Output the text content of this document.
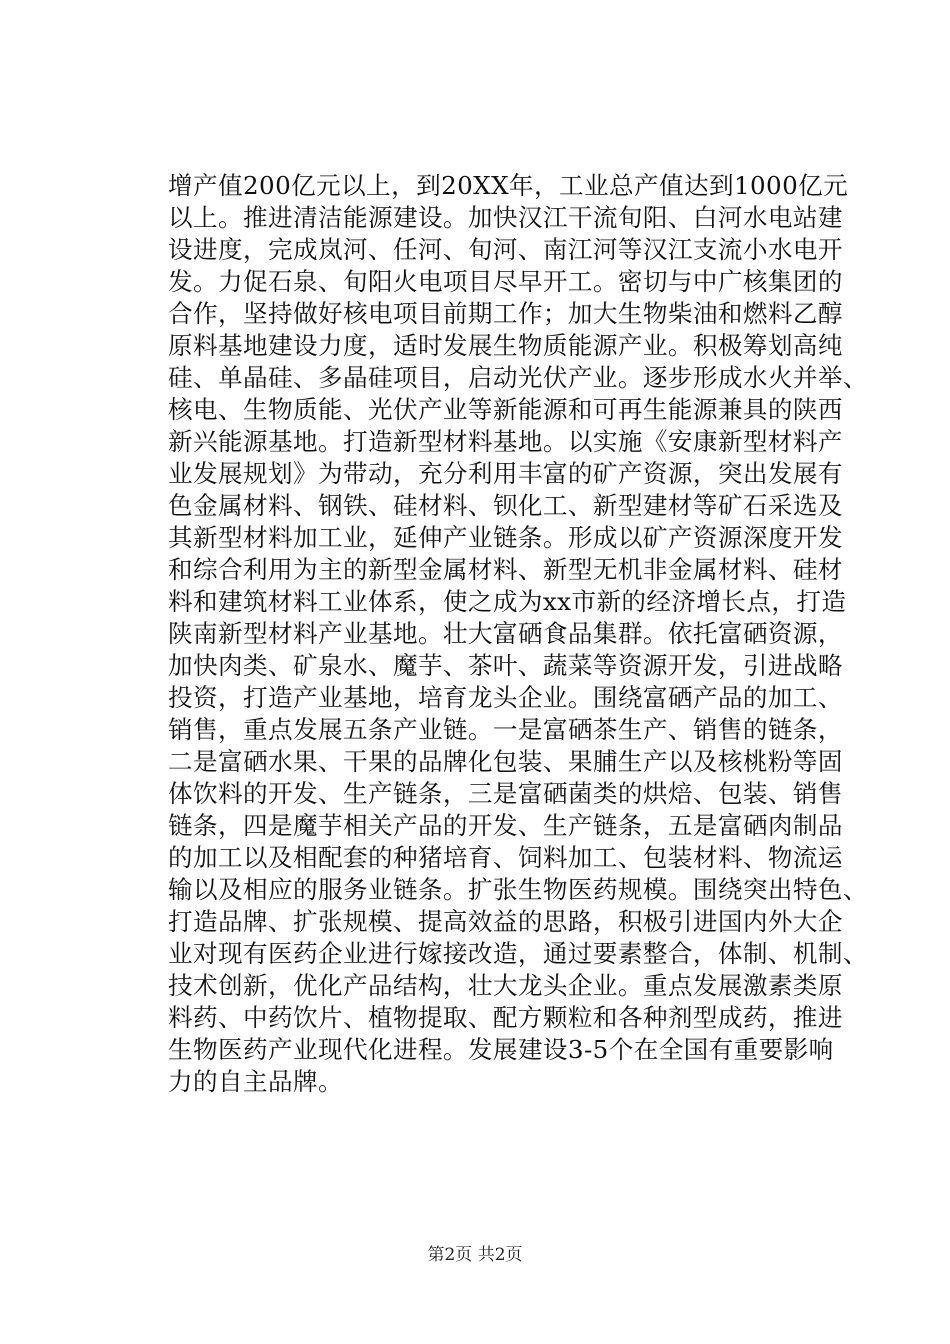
增产值200亿元以上，到20XX年，工业总产值达到1000亿元
以上。推进清洁能源建设。加快汉江干流旬阳、白河水电站建
设进度，完成岚河、任河、旬河、南江河等汉江支流小水电开
发。力促石泉、旬阳火电项目尽早开工。密切与中广核集团的
合作，坚持做好核电项目前期工作；加大生物柴油和燃料乙醇
原料基地建设力度，适时发展生物质能源产业。积极筹划高纯
硅、单晶硅、多晶硅项目，启动光伏产业。逐步形成水火并举、
核电、生物质能、光伏产业等新能源和可再生能源兼具的陕西
新兴能源基地。打造新型材料基地。以实施《安康新型材料产
业发展规划》为带动，充分利用丰富的矿产资源，突出发展有
色金属材料、钢铁、硅材料、钡化工、新型建材等矿石采选及
其新型材料加工业，延伸产业链条。形成以矿产资源深度开发
和综合利用为主的新型金属材料、新型无机非金属材料、硅材
料和建筑材料工业体系，使之成为xx市新的经济增长点，打造
陕南新型材料产业基地。壮大富硒食品集群。依托富硒资源，
加快肉类、矿泉水、魔芋、茶叶、蔬菜等资源开发，引进战略
投资，打造产业基地，培育龙头企业。围绕富硒产品的加工、
销售，重点发展五条产业链。一是富硒茶生产、销售的链条，
二是富硒水果、干果的品牌化包装、果脯生产以及核桃粉等固
体饮料的开发、生产链条，三是富硒菌类的烘焙、包装、销售
链条，四是魔芋相关产品的开发、生产链条，五是富硒肉制品
的加工以及相配套的种猪培育、饲料加工、包装材料、物流运
输以及相应的服务业链条。扩张生物医药规模。围绕突出特色、
打造品牌、扩张规模、提高效益的思路，积极引进国内外大企
业对现有医药企业进行嫁接改造，通过要素整合，体制、机制、
技术创新，优化产品结构，壮大龙头企业。重点发展激素类原
料药、中药饮片、植物提取、配方颗粒和各种剂型成药，推进
生物医药产业现代化进程。发展建设3-5个在全国有重要影响
力的自主品牌。
第2页 共2页
